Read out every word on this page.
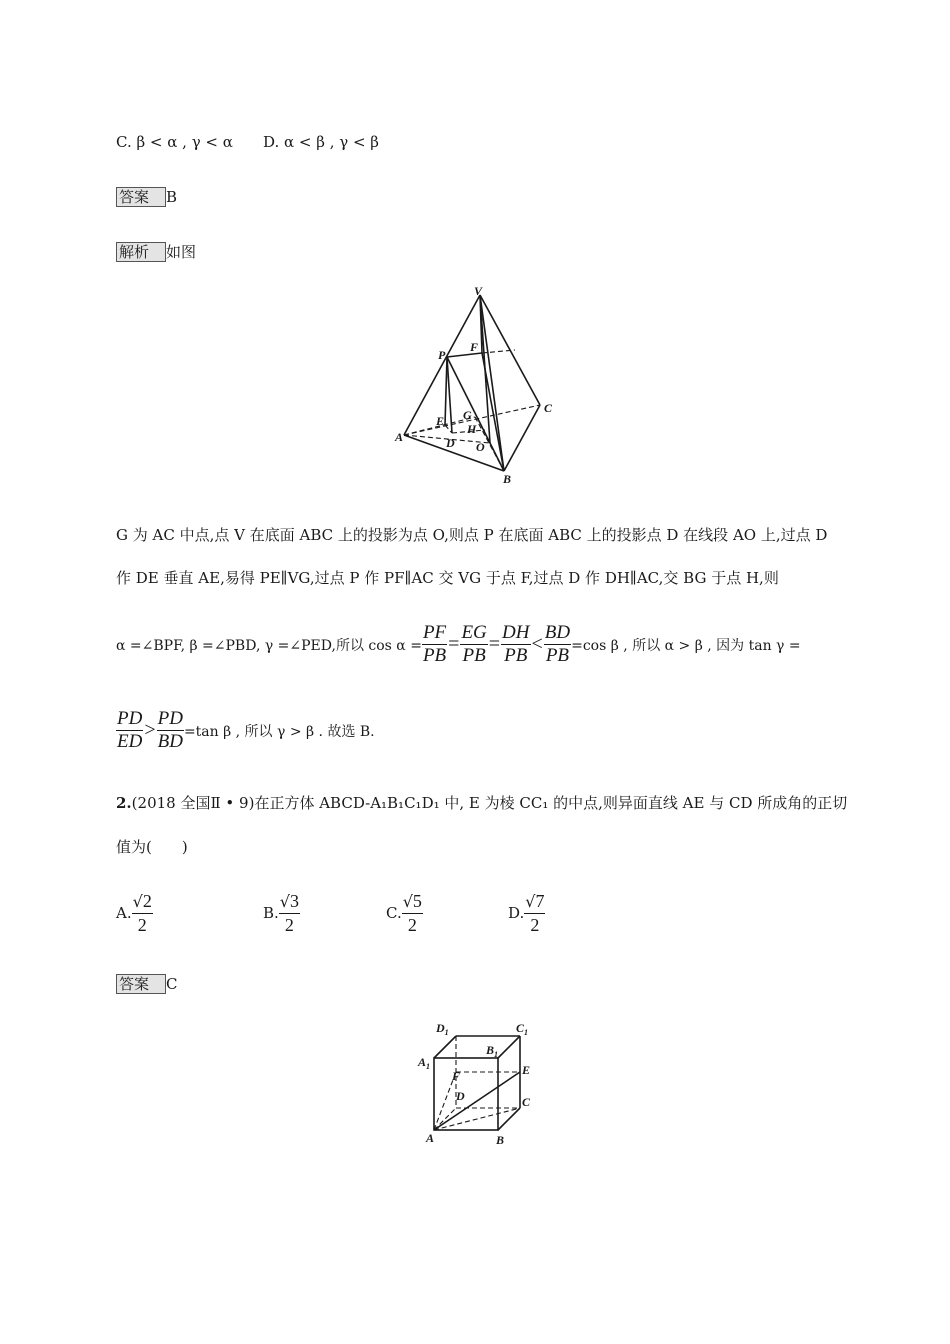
C. β < α , γ < α D. α < β , γ < β
答案 B
解析 如图
V
P
F
C
E G
H
A	D O
B
G 为 AC 中点,点 V 在底面 ABC 上的投影为点 O,则点 P 在底面 ABC 上的投影点 D 在线段 AO 上,过点 D
作 DE 垂直 AE,易得 PE∥VG,过点 P 作 PF∥AC 交 VG 于点 F,过点 D 作 DH∥AC,交 BG 于点 H,则
α =∠BPF, β =∠PBD, γ =∠PED,所以 $\cos \alpha = \frac{PF}{PB} = \frac{EG}{PB} = \frac{DH}{PB} < \frac{BD}{PB} =\cos$ β , 所以 α > β , 因为 tan γ =
$\frac{PD}{ED} > \frac{PD}{BD} =\tan$ β , 所以 γ > β . 故选 B.
2.(2018 全国Ⅱ • 9)在正方体 ABCD-A₁B₁C₁D₁ 中, E 为棱 CC₁ 的中点,则异面直线 AE 与 CD 所成角的正切
值为(　　)
A. $\frac{√2}{2}$	B. $\frac{√3}{2}$	C. $\frac{√5}{2}$	D. $\frac{√7}{2}$
答案 C
$D_1$	$C_1$
$A_1$
$B_1$
E
F
D	C
A	B
